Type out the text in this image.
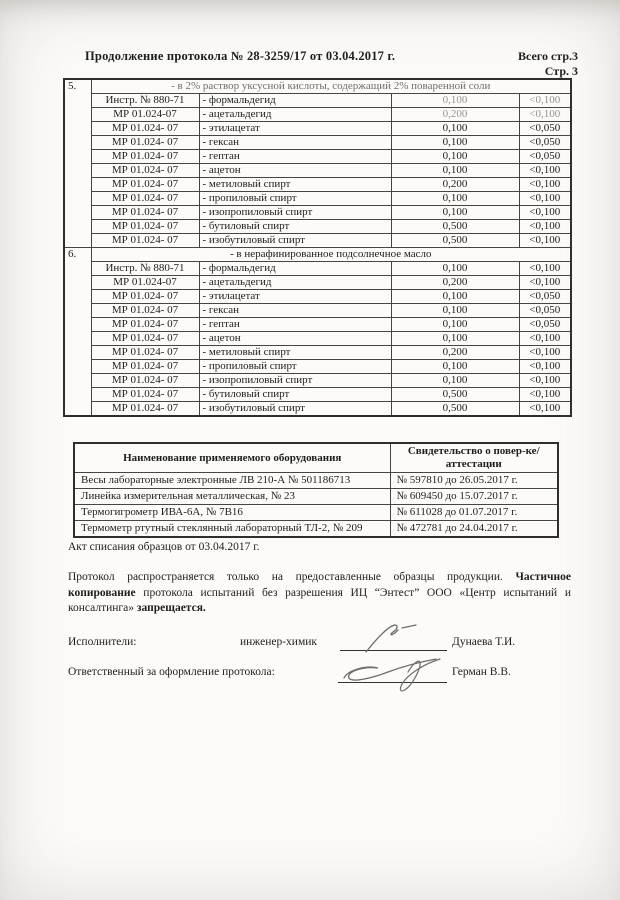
Продолжение протокола № 28-3259/17 от 03.04.2017 г.	Всего стр.3
Стр. 3
5.	- в 2% раствор уксусной кислоты, содержащий 2% поваренной соли			
	Инстр. № 880-71	- формальдегид	0,100	<0,100
	МР 01.024-07	- ацетальдегид	0,200	<0,100
	МР 01.024- 07	- этилацетат	0,100	<0,050
	МР 01.024- 07	- гексан	0,100	<0,050
	МР 01.024- 07	- гептан	0,100	<0,050
	МР 01.024- 07	- ацетон	0,100	<0,100
	МР 01.024- 07	- метиловый спирт	0,200	<0,100
	МР 01.024- 07	- пропиловый спирт	0,100	<0,100
	МР 01.024- 07	- изопропиловый спирт	0,100	<0,100
	МР 01.024- 07	- бутиловый спирт	0,500	<0,100
	МР 01.024- 07	- изобутиловый спирт	0,500	<0,100
6.	- в нерафинированное подсолнечное масло			
	Инстр. № 880-71	- формальдегид	0,100	<0,100
	МР 01.024-07	- ацетальдегид	0,200	<0,100
	МР 01.024- 07	- этилацетат	0,100	<0,050
	МР 01.024- 07	- гексан	0,100	<0,050
	МР 01.024- 07	- гептан	0,100	<0,050
	МР 01.024- 07	- ацетон	0,100	<0,100
	МР 01.024- 07	- метиловый спирт	0,200	<0,100
	МР 01.024- 07	- пропиловый спирт	0,100	<0,100
	МР 01.024- 07	- изопропиловый спирт	0,100	<0,100
	МР 01.024- 07	- бутиловый спирт	0,500	<0,100
	МР 01.024- 07	- изобутиловый спирт	0,500	<0,100
Наименование применяемого оборудования	Свидетельство о повер-ке/аттестации
Весы лабораторные электронные ЛВ 210-А № 501186713	№ 597810 до 26.05.2017 г.
Линейка измерительная металлическая, № 23	№ 609450 до 15.07.2017 г.
Термогигрометр ИВА-6А, № 7В16	№ 611028 до 01.07.2017 г.
Термометр ртутный стеклянный лабораторный ТЛ-2, № 209	№ 472781 до 24.04.2017 г.
Акт списания образцов от 03.04.2017 г.
Протокол распространяется только на предоставленные образцы продукции. Частичное копирование протокола испытаний без разрешения ИЦ “Энтест” ООО «Центр испытаний и консалтинга» запрещается.
Исполнители:	инженер-химик	Дунаева Т.И.
Ответственный за оформление протокола:	Герман В.В.
